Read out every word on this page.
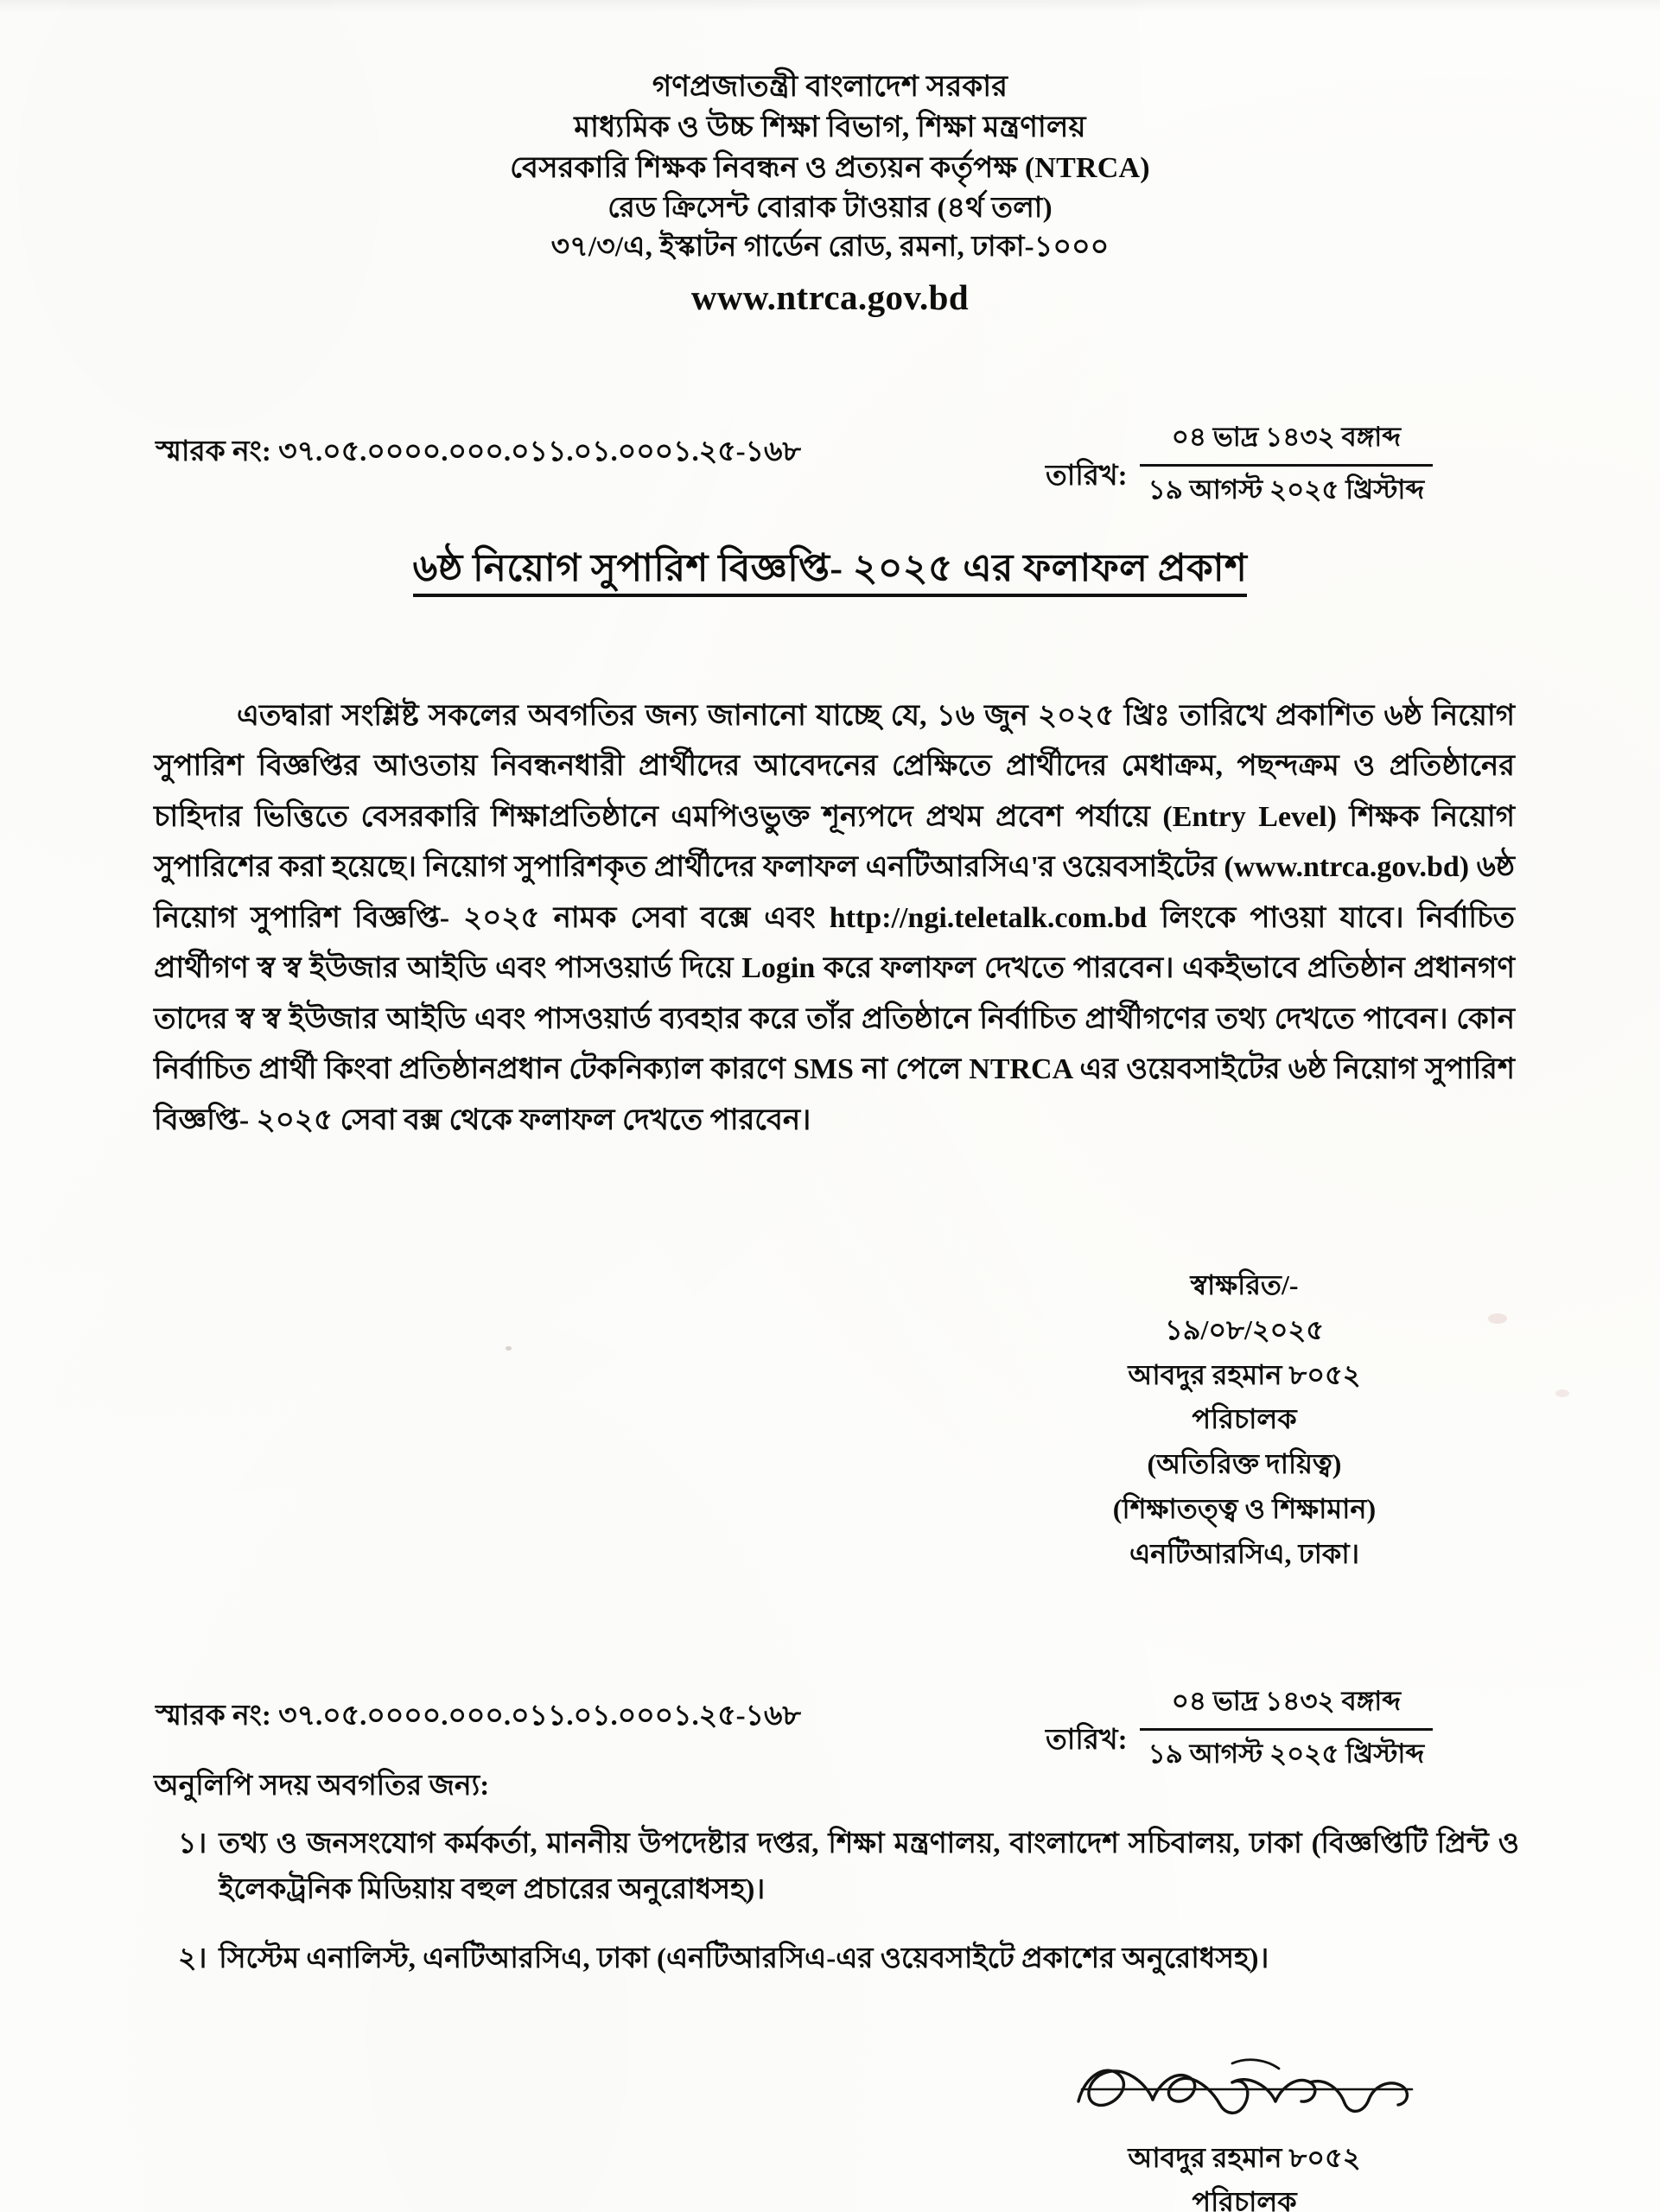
গণপ্রজাতন্ত্রী বাংলাদেশ সরকার
মাধ্যমিক ও উচ্চ শিক্ষা বিভাগ, শিক্ষা মন্ত্রণালয়
বেসরকারি শিক্ষক নিবন্ধন ও প্রত্যয়ন কর্তৃপক্ষ (NTRCA)
রেড ক্রিসেন্ট বোরাক টাওয়ার (৪র্থ তলা)
৩৭/৩/এ, ইস্কাটন গার্ডেন রোড, রমনা, ঢাকা-১০০০
www.ntrca.gov.bd
স্মারক নং: ৩৭.০৫.০০০০.০০০.০১১.০১.০০০১.২৫-১৬৮
তারিখ: $\frac{\text{০৪ ভাদ্র ১৪৩২ বঙ্গাব্দ}}{\text{১৯ আগস্ট ২০২৫ খ্রিস্টাব্দ}}$
৬ষ্ঠ নিয়োগ সুপারিশ বিজ্ঞপ্তি- ২০২৫ এর ফলাফল প্রকাশ
এতদ্বারা সংশ্লিষ্ট সকলের অবগতির জন্য জানানো যাচ্ছে যে, ১৬ জুন ২০২৫ খ্রিঃ তারিখে প্রকাশিত ৬ষ্ঠ নিয়োগ সুপারিশ বিজ্ঞপ্তির আওতায় নিবন্ধনধারী প্রার্থীদের আবেদনের প্রেক্ষিতে প্রার্থীদের মেধাক্রম, পছন্দক্রম ও প্রতিষ্ঠানের চাহিদার ভিত্তিতে বেসরকারি শিক্ষাপ্রতিষ্ঠানে এমপিওভুক্ত শূন্যপদে প্রথম প্রবেশ পর্যায়ে (Entry Level) শিক্ষক নিয়োগ সুপারিশের করা হয়েছে। নিয়োগ সুপারিশকৃত প্রার্থীদের ফলাফল এনটিআরসিএ'র ওয়েবসাইটের (www.ntrca.gov.bd) ৬ষ্ঠ নিয়োগ সুপারিশ বিজ্ঞপ্তি- ২০২৫ নামক সেবা বক্সে এবং http://ngi.teletalk.com.bd লিংকে পাওয়া যাবে। নির্বাচিত প্রার্থীগণ স্ব স্ব ইউজার আইডি এবং পাসওয়ার্ড দিয়ে Login করে ফলাফল দেখতে পারবেন। একইভাবে প্রতিষ্ঠান প্রধানগণ তাদের স্ব স্ব ইউজার আইডি এবং পাসওয়ার্ড ব্যবহার করে তাঁর প্রতিষ্ঠানে নির্বাচিত প্রার্থীগণের তথ্য দেখতে পাবেন। কোন নির্বাচিত প্রার্থী কিংবা প্রতিষ্ঠানপ্রধান টেকনিক্যাল কারণে SMS না পেলে NTRCA এর ওয়েবসাইটের ৬ষ্ঠ নিয়োগ সুপারিশ বিজ্ঞপ্তি- ২০২৫ সেবা বক্স থেকে ফলাফল দেখতে পারবেন।
স্বাক্ষরিত/-
১৯/০৮/২০২৫
আবদুর রহমান ৮০৫২
পরিচালক
(অতিরিক্ত দায়িত্ব)
(শিক্ষাতত্ত্ব ও শিক্ষামান)
এনটিআরসিএ, ঢাকা।
স্মারক নং: ৩৭.০৫.০০০০.০০০.০১১.০১.০০০১.২৫-১৬৮
তারিখ: $\frac{\text{০৪ ভাদ্র ১৪৩২ বঙ্গাব্দ}}{\text{১৯ আগস্ট ২০২৫ খ্রিস্টাব্দ}}$
অনুলিপি সদয় অবগতির জন্য:
১। তথ্য ও জনসংযোগ কর্মকর্তা, মাননীয় উপদেষ্টার দপ্তর, শিক্ষা মন্ত্রণালয়, বাংলাদেশ সচিবালয়, ঢাকা (বিজ্ঞপ্তিটি প্রিন্ট ও ইলেকট্রনিক মিডিয়ায় বহুল প্রচারের অনুরোধসহ)।
২। সিস্টেম এনালিস্ট, এনটিআরসিএ, ঢাকা (এনটিআরসিএ-এর ওয়েবসাইটে প্রকাশের অনুরোধসহ)।
আবদুর রহমান ৮০৫২
পরিচালক
